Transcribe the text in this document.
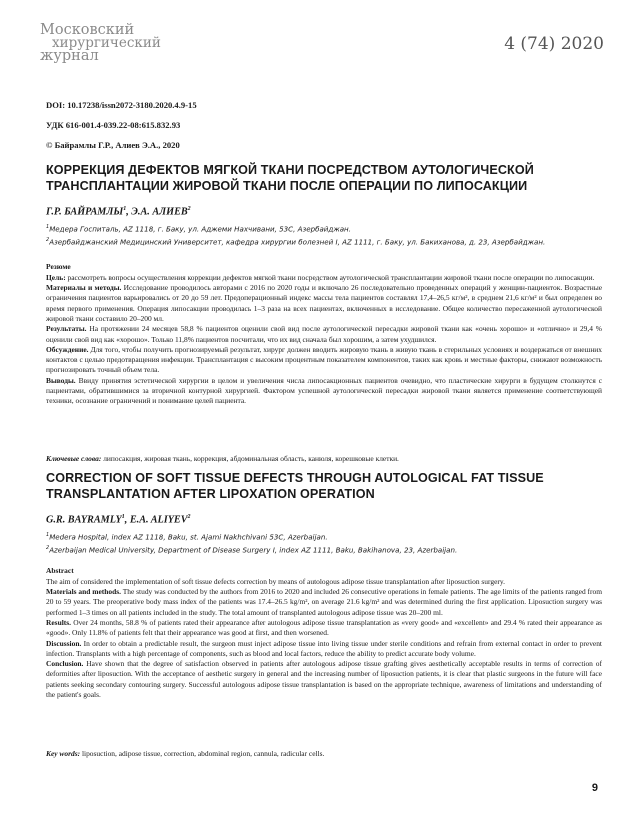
Московский
хирургический
журнал
4 (74) 2020
DOI: 10.17238/issn2072-3180.2020.4.9-15
УДК 616-001.4-039.22-08:615.832.93
© Байрамлы Г.Р., Алиев Э.А., 2020
КОРРЕКЦИЯ ДЕФЕКТОВ МЯГКОЙ ТКАНИ ПОСРЕДСТВОМ АУТОЛОГИЧЕСКОЙ
ТРАНСПЛАНТАЦИИ ЖИРОВОЙ ТКАНИ ПОСЛЕ ОПЕРАЦИИ ПО ЛИПОСАКЦИИ
Г.Р. БАЙРАМЛЫ$^1$, Э.А. АЛИЕВ$^2$
$^1$Медера Госпиталь, AZ 1118, г. Баку, ул. Аджеми Нахчивани, 53С, Азербайджан.
$^2$Азербайджанский Медицинский Университет, кафедра хирургии болезней I, AZ 1111, г. Баку, ул. Бакиханова, д. 23, Азербайджан.

Резюме

Цель: рассмотреть вопросы осуществления коррекции дефектов мягкой ткани посредством аутологической трансплантации жировой ткани после операции по липосакции.

Материалы и методы. Исследование проводилось авторами с 2016 по 2020 годы и включало 26 последовательно проведенных операций у женщин-пациенток. Возрастные ограничения пациентов варьировались от 20 до 59 лет. Предоперационный индекс массы тела пациентов составлял 17,4–26,5 кг/м², в среднем 21,6 кг/м² и был определен во время первого применения. Операция липосакции проводилась 1–3 раза на всех пациентах, включенных в исследование. Общее количество пересаженной аутологической жировой ткани составило 20–200 мл.

Результаты. На протяжении 24 месяцев 58,8 % пациентов оценили свой вид после аутологической пересадки жировой ткани как «очень хорошо» и «отлично» и 29,4 % оценили свой вид как «хорошо». Только 11,8% пациентов посчитали, что их вид сначала был хорошим, а затем ухудшился.

Обсуждение. Для того, чтобы получить прогнозируемый результат, хирург должен вводить жировую ткань в живую ткань в стерильных условиях и воздержаться от внешних контактов с целью предотвращения инфекции. Трансплантация с высоким процентным показателем компонентов, таких как кровь и местные факторы, снижают возможность прогнозировать точный объем тела.

Выводы. Ввиду принятия эстетической хирургии в целом и увеличения числа липосакционных пациентов очевидно, что пластические хирурги в будущем столкнутся с пациентами, обратившимися за вторичной контурной хирургией. Фактором успешной аутологической пересадки жировой ткани является применение соответствующей техники, осознание ограничений и понимание целей пациента.

Ключевые слова: липосакция, жировая ткань, коррекция, абдоминальная область, канюля, корешковые клетки.
CORRECTION OF SOFT TISSUE DEFECTS THROUGH AUTOLOGICAL FAT TISSUE
TRANSPLANTATION AFTER LIPOXATION OPERATION
G.R. BAYRAMLY$^1$, E.A. ALIYEV$^2$
$^1$Medera Hospital, index AZ 1118, Baku, st. Ajami Nakhchivani 53C, Azerbaijan.
$^2$Azerbaijan Medical University, Department of Disease Surgery I, index AZ 1111, Baku, Bakihanova, 23, Azerbaijan.

Abstract

The aim of considered the implementation of soft tissue defects correction by means of autologous adipose tissue transplantation after liposuction surgery.

Materials and methods. The study was conducted by the authors from 2016 to 2020 and included 26 consecutive operations in female patients. The age limits of the patients ranged from 20 to 59 years. The preoperative body mass index of the patients was 17.4–26.5 kg/m², on average 21.6 kg/m² and was determined during the first application. Liposuction surgery was performed 1–3 times on all patients included in the study. The total amount of transplanted autologous adipose tissue was 20–200 ml.

Results. Over 24 months, 58.8 % of patients rated their appearance after autologous adipose tissue transplantation as «very good» and «excellent» and 29.4 % rated their appearance as «good». Only 11.8% of patients felt that their appearance was good at first, and then worsened.

Discussion. In order to obtain a predictable result, the surgeon must inject adipose tissue into living tissue under sterile conditions and refrain from external contact in order to prevent infection. Transplants with a high percentage of components, such as blood and local factors, reduce the ability to predict accurate body volume.

Conclusion. Have shown that the degree of satisfaction observed in patients after autologous adipose tissue grafting gives aesthetically acceptable results in terms of correction of deformities after liposuction. With the acceptance of aesthetic surgery in general and the increasing number of liposuction patients, it is clear that plastic surgeons in the future will face patients seeking secondary contouring surgery. Successful autologous adipose tissue transplantation is based on the appropriate technique, awareness of limitations and understanding of the patient's goals.

Key words: liposuction, adipose tissue, correction, abdominal region, cannula, radicular cells.
9
